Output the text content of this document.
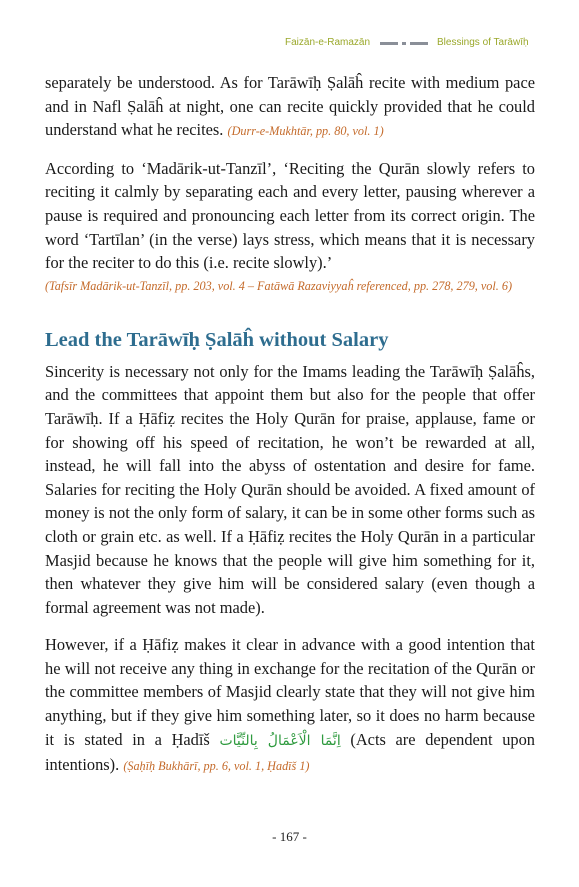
Faizān-e-Ramazān	Blessings of Tarāwīḥ

separately be understood. As for Tarāwīḥ Ṣalāĥ recite with medium pace and in Nafl Ṣalāĥ at night, one can recite quickly provided that he could understand what he recites. (Durr-e-Mukhtār, pp. 80, vol. 1)

According to ‘Madārik-ut-Tanzīl’, ‘Reciting the Qurān slowly refers to reciting it calmly by separating each and every letter, pausing wherever a pause is required and pronouncing each letter from its correct origin. The word ‘Tartīlan’ (in the verse) lays stress, which means that it is necessary for the reciter to do this (i.e. recite slowly).’

(Tafsīr Madārik-ut-Tanzīl, pp. 203, vol. 4 – Fatāwā Razaviyyaĥ referenced, pp. 278, 279, vol. 6)
Lead the Tarāwīḥ Ṣalāĥ without Salary

Sincerity is necessary not only for the Imams leading the Tarāwīḥ Ṣalāĥs, and the committees that appoint them but also for the people that offer Tarāwīḥ. If a Ḥāfiẓ recites the Holy Qurān for praise, applause, fame or for showing off his speed of recitation, he won’t be rewarded at all, instead, he will fall into the abyss of ostentation and desire for fame. Salaries for reciting the Holy Qurān should be avoided. A fixed amount of money is not the only form of salary, it can be in some other forms such as cloth or grain etc. as well. If a Ḥāfiẓ recites the Holy Qurān in a particular Masjid because he knows that the people will give him something for it, then whatever they give him will be considered salary (even though a formal agreement was not made).

However, if a Ḥāfiẓ makes it clear in advance with a good intention that he will not receive any thing in exchange for the recitation of the Qurān or the committee members of Masjid clearly state that they will not give him anything, but if they give him something later, so it does no harm because it is stated in a Ḥadīš اِنَّمَا الْاَعْمَالُ بِالنِّيَّات (Acts are dependent upon intentions). (Ṣaḥīḥ Bukhārī, pp. 6, vol. 1, Ḥadīš 1)

- 167 -
